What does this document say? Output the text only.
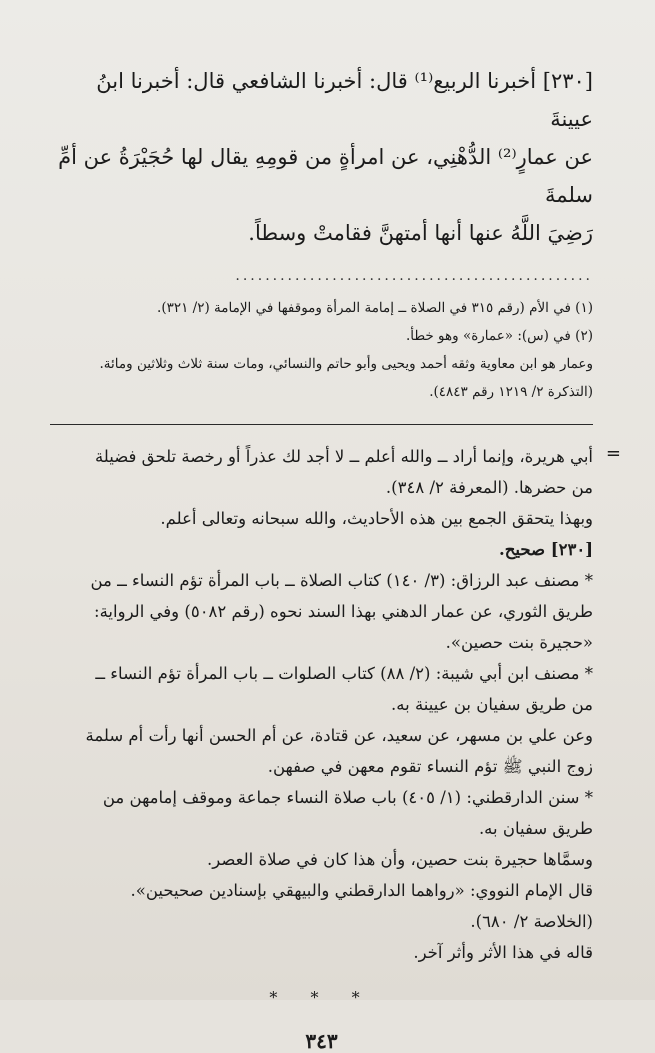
[٢٣٠] أخبرنا الربيع⁽¹⁾ قال: أخبرنا الشافعي قال: أخبرنا ابنُ عيينةَ

عن عمارٍ⁽²⁾ الدُّهْنِي، عن امرأةٍ من قومِهِ يقال لها حُجَيْرَةُ عن أمِّ سلمةَ

رَضِيَ اللَّهُ عنها أنها أمتهنَّ فقامتْ وسطاً.

................................................

(١) في الأم (رقم ٣١٥ في الصلاة ــ إمامة المرأة وموقفها في الإمامة (٢/ ٣٢١).

(٢) في (س): «عمارة» وهو خطأ.

وعمار هو ابن معاوية وثقه أحمد ويحيى وأبو حاتم والنسائي، ومات سنة ثلاث وثلاثين ومائة.

(التذكرة ٢/ ١٢١٩ رقم ٤٨٤٣).

=

أبي هريرة، وإنما أراد ــ والله أعلم ــ لا أجد لك عذراً أو رخصة تلحق فضيلة

من حضرها. (المعرفة ٢/ ٣٤٨).

وبهذا يتحقق الجمع بين هذه الأحاديث، والله سبحانه وتعالى أعلم.

[٢٣٠] صحيح.

* مصنف عبد الرزاق: (٣/ ١٤٠) كتاب الصلاة ــ باب المرأة تؤم النساء ــ من

طريق الثوري، عن عمار الدهني بهذا السند نحوه (رقم ٥٠٨٢) وفي الرواية:

«حجيرة بنت حصين».

* مصنف ابن أبي شيبة: (٢/ ٨٨) كتاب الصلوات ــ باب المرأة تؤم النساء ــ

من طريق سفيان بن عيينة به.

وعن علي بن مسهر، عن سعيد، عن قتادة، عن أم الحسن أنها رأت أم سلمة

زوج النبي ﷺ تؤم النساء تقوم معهن في صفهن.

* سنن الدارقطني: (١/ ٤٠٥) باب صلاة النساء جماعة وموقف إمامهن من

طريق سفيان به.

وسمَّاها حجيرة بنت حصين، وأن هذا كان في صلاة العصر.

قال الإمام النووي: «رواهما الدارقطني والبيهقي بإسنادين صحيحين».

(الخلاصة ٢/ ٦٨٠).

قاله في هذا الأثر وأثر آخر.

* * *
٣٤٣
